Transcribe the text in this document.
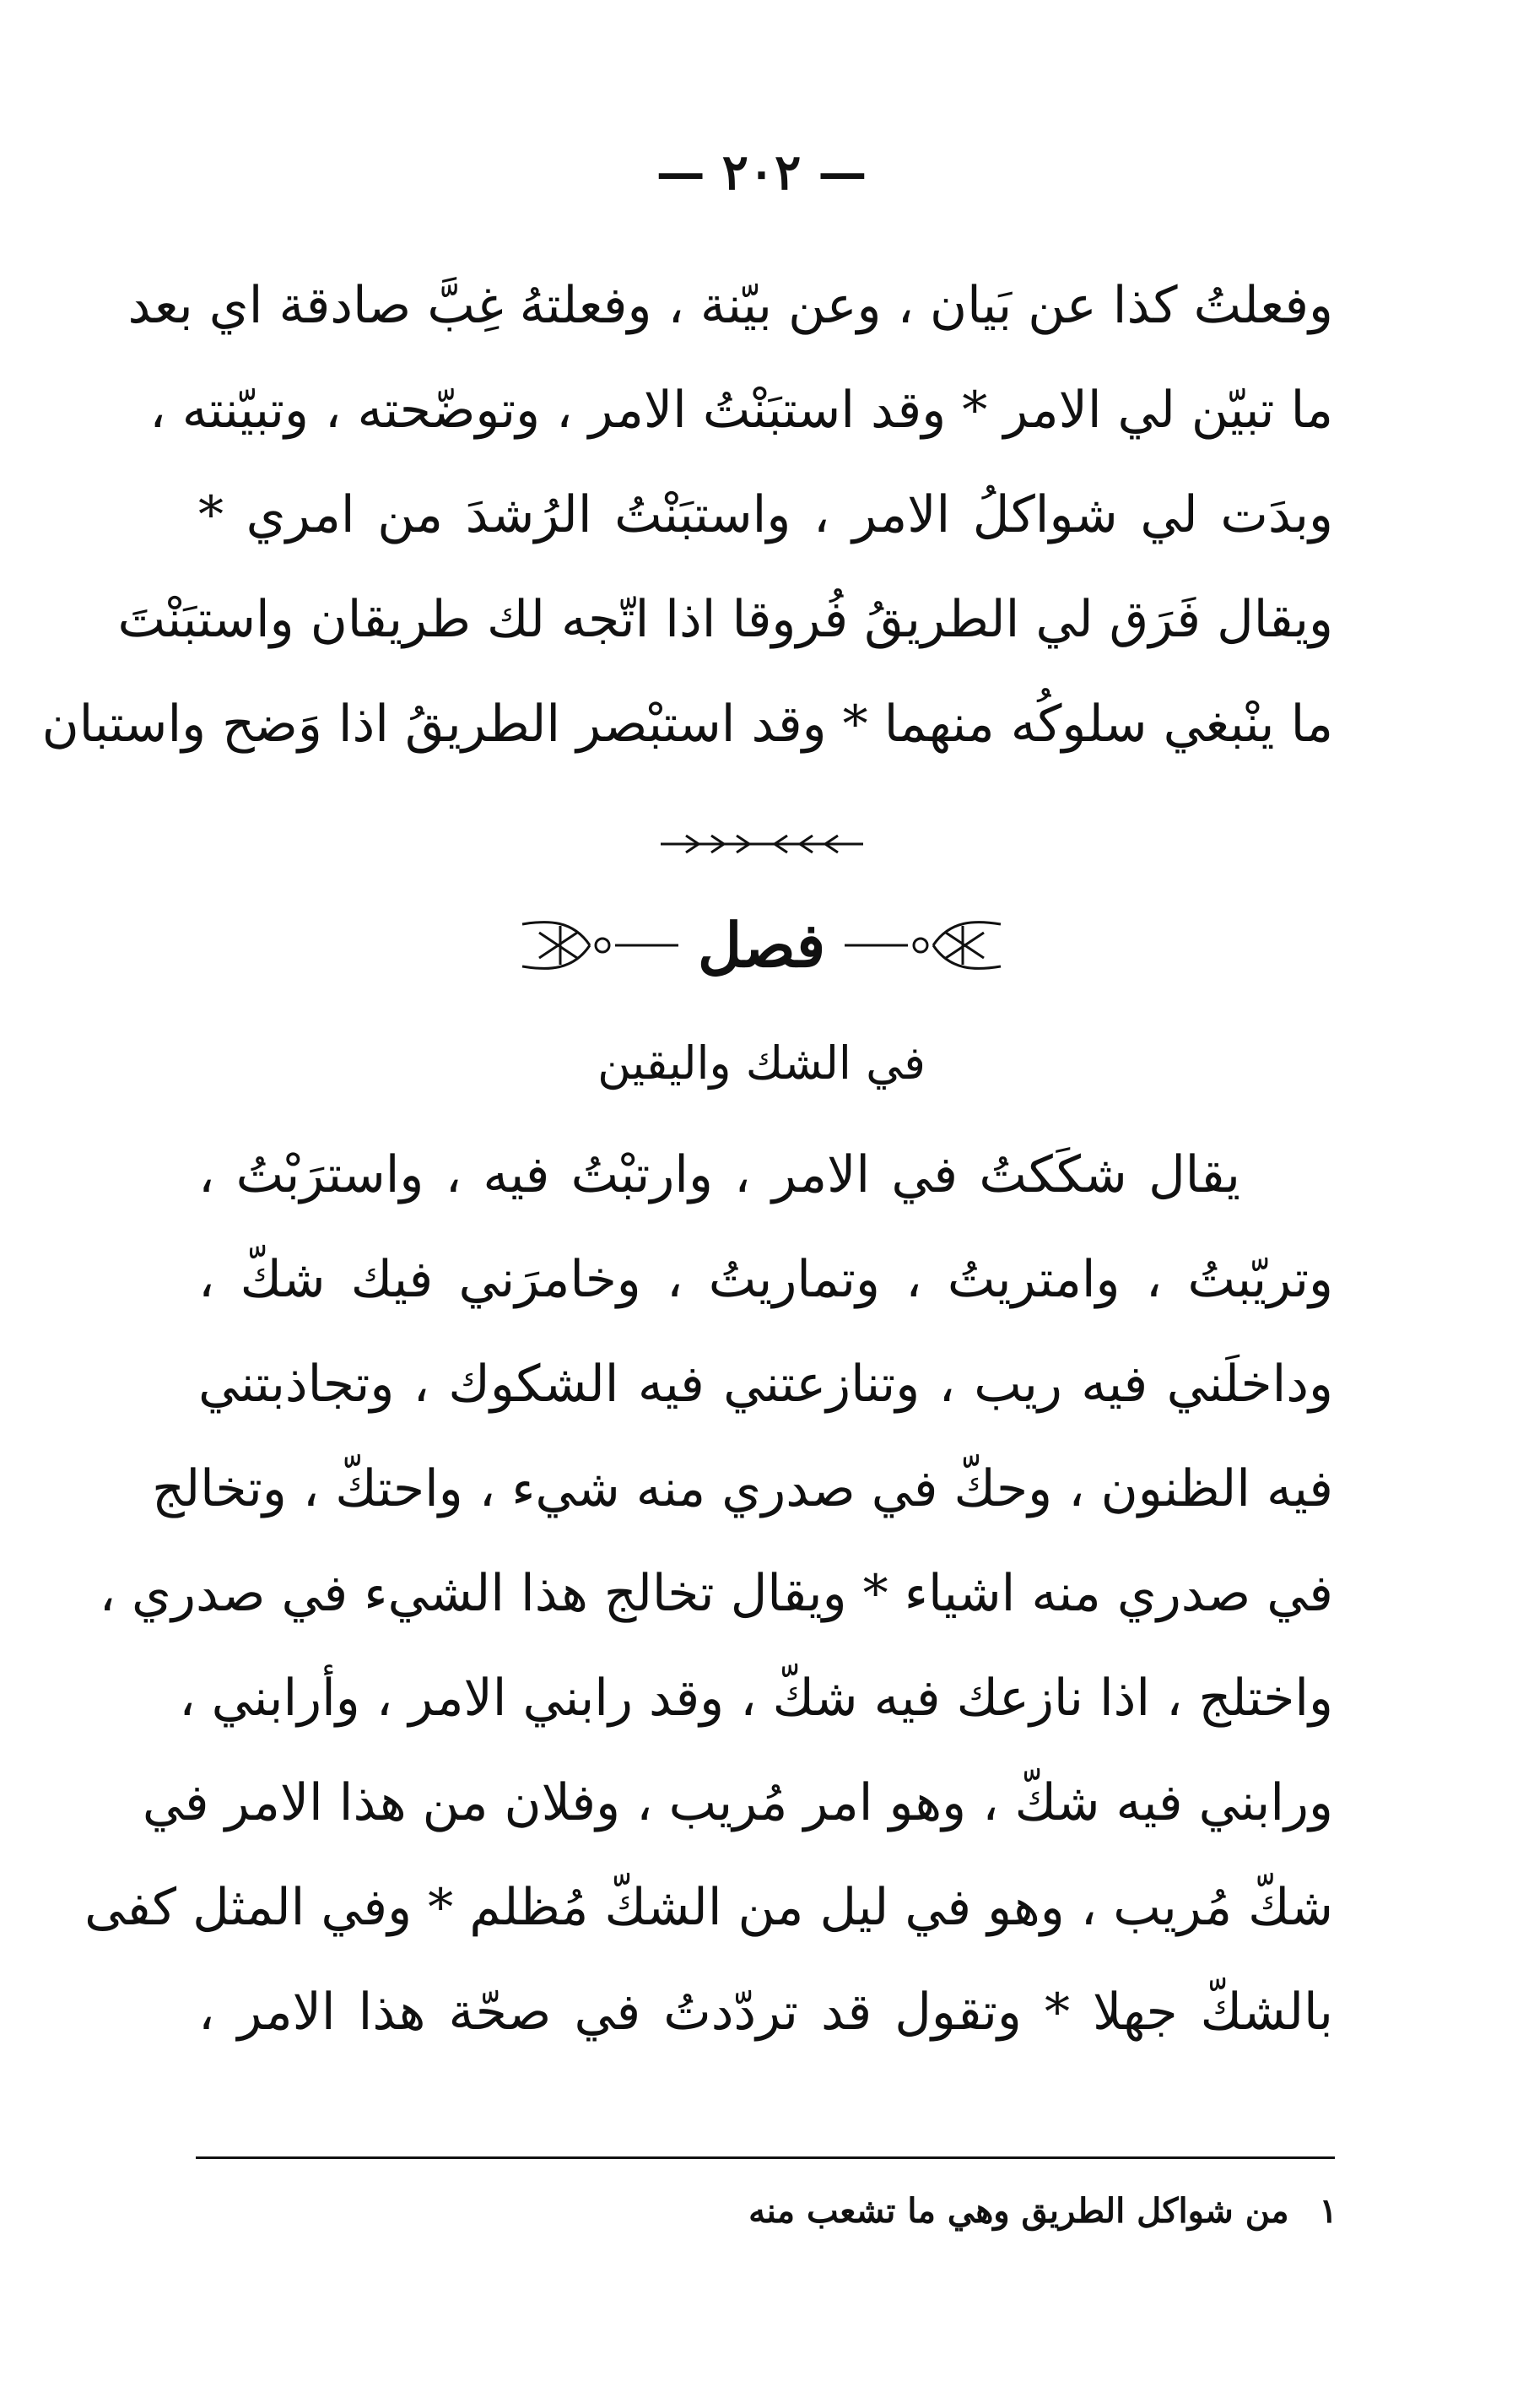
— ٢٠٢ —
وفعلتُ كذا عن بَيان ، وعن بيّنة ، وفعلتهُ غِبَّ صادقة اي بعد
ما تبيّن لي الامر * وقد استبَنْتُ الامر ، وتوضّحته ، وتبيّنته ،
وبدَت لي شواكلُ الامر ، واستبَنْتُ الرُشدَ من امري *
ويقال فَرَق لي الطريقُ فُروقا اذا اتّجه لك طريقان واستبَنْتَ
ما ينْبغي سلوكُه منهما * وقد استبْصر الطريقُ اذا وَضح واستبان
فصل
في الشك واليقين
يقال شكَكتُ في الامر ، وارتبْتُ فيه ، واسترَبْتُ ،
وتريّبتُ ، وامتريتُ ، وتماريتُ ، وخامرَني فيك شكّ ،
وداخلَني فيه ريب ، وتنازعتني فيه الشكوك ، وتجاذبتني
فيه الظنون ، وحكّ في صدري منه شيء ، واحتكّ ، وتخالج
في صدري منه اشياء * ويقال تخالج هذا الشيء في صدري ،
واختلج ، اذا نازعك فيه شكّ ، وقد رابني الامر ، وأرابني ،
ورابني فيه شكّ ، وهو امر مُريب ، وفلان من هذا الامر في
شكّ مُريب ، وهو في ليل من الشكّ مُظلم * وفي المثل كفى
بالشكّ جهلا * وتقول قد تردّدتُ في صحّة هذا الامر ،
١ من شواكل الطريق وهي ما تشعب منه
